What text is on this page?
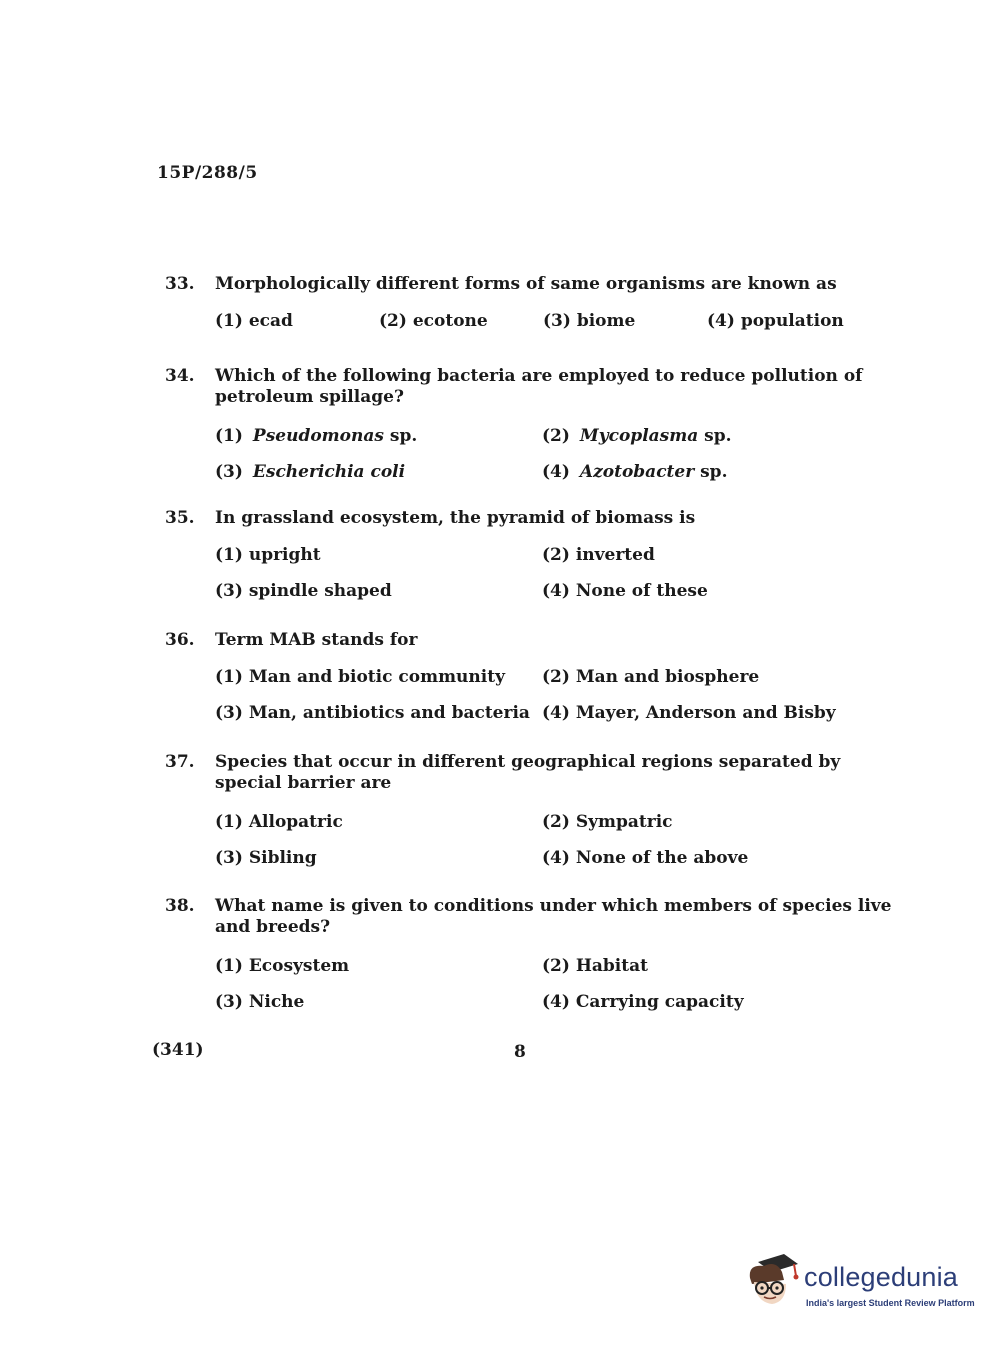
15P/288/5
33.	Morphologically different forms of same organisms are known as
(1) ecad	(2) ecotone	(3) biome	(4) population
34.	Which of the following bacteria are employed to reduce pollution of petroleum spillage?
(1) Pseudomonas sp.	(2) Mycoplasma sp.
(3) Escherichia coli	(4) Azotobacter sp.
35.	In grassland ecosystem, the pyramid of biomass is
(1) upright	(2) inverted
(3) spindle shaped	(4) None of these
36.	Term MAB stands for
(1) Man and biotic community	(2) Man and biosphere
(3) Man, antibiotics and bacteria (4) Mayer, Anderson and Bisby
37.	Species that occur in different geographical regions separated by special barrier are
(1) Allopatric	(2) Sympatric
(3) Sibling	(4) None of the above
38.	What name is given to conditions under which members of species live and breeds?
(1) Ecosystem	(2) Habitat
(3) Niche	(4) Carrying capacity
(341)	8
collegedunia
India's largest Student Review Platform
